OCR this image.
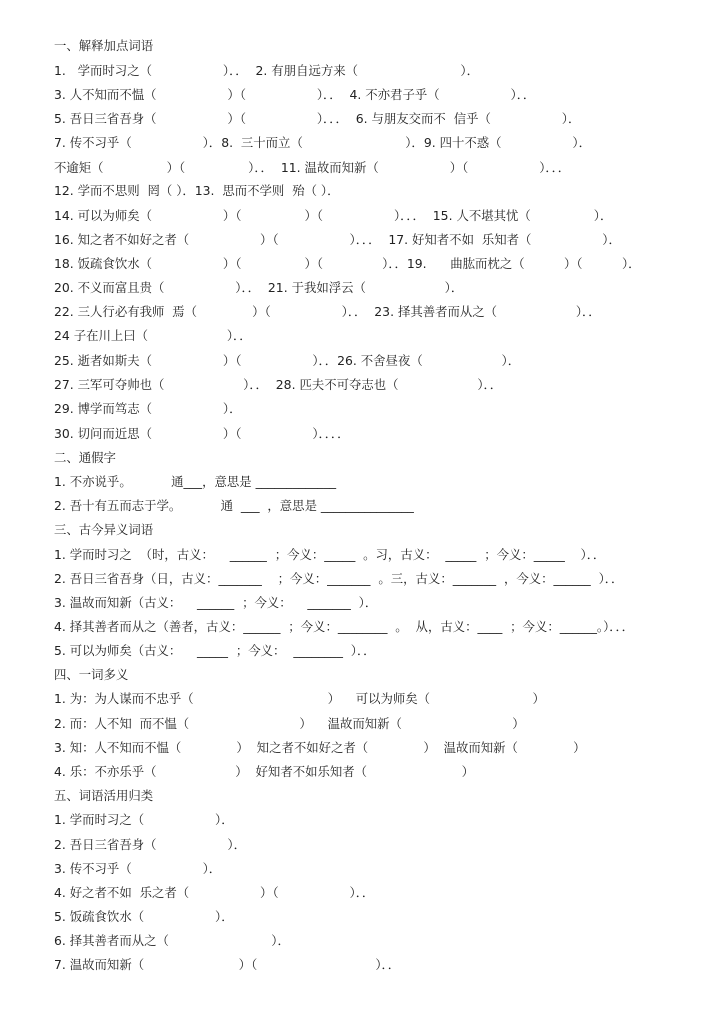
一、解释加点词语
1.   学而时习之（                  ）．．  2. 有朋自远方来（                          ）．
3. 人不知而不愠（                  ）（                  ）．．  4. 不亦君子乎（                  ）．．
5. 吾日三省吾身（                  ）（                  ）．．．  6. 与朋友交而不  信乎（                  ）．
7. 传不习乎（                  ）．8.  三十而立（                          ）．9. 四十不惑（                  ）．
不逾矩（                ）（                ）．．  11. 温故而知新（                  ）（                  ）．．．
12. 学而不思则  罔（ ）．13.  思而不学则  殆（ ）．
14. 可以为师矣（                  ）（                ）（                  ）．．．  15. 人不堪其忧（                ）．
16. 知之者不如好之者（                  ）（                  ）．．．  17. 好知者不如  乐知者（                  ）．
18. 饭疏食饮水（                  ）（                ）（               ）．．19.      曲肱而枕之（          ）（          ）．
20. 不义而富且贵（                  ）．．  21. 于我如浮云（                    ）．
22. 三人行必有我师  焉（              ）（                  ）．．  23. 择其善者而从之（                    ）．．
24 子在川上曰（                    ）．．
25. 逝者如斯夫（                  ）（                  ）．．26. 不舍昼夜（                    ）．
27. 三军可夺帅也（                    ）．．  28. 匹夫不可夺志也（                    ）．．
29. 博学而笃志（                  ）．
30. 切问而近思（                  ）（                  ）．．．．
二、通假字
1. 不亦说乎。          通___，意思是 _____________
2. 吾十有五而志于学。          通  ___  ，意思是 _______________
三、古今异义词语
1. 学而时习之  （时，古义：    ______  ；今义：_____  。习，古义：  _____  ；今义：_____    ）．．
2. 吾日三省吾身（日，古义：_______    ；今义：_______  。三，古义：_______  ，今义：______  ）．．
3. 温故而知新（古义：    ______  ；今义：    _______  ）．
4. 择其善者而从之（善者，古义：______  ；今义：________  。  从，古义：____  ；今义：______。）．．．
5. 可以为师矣（古义：    _____  ；今义：  ________  ）．．
四、一词多义
1. 为：为人谋而不忠乎（                                  ）    可以为师矣（                          ）
2. 而：人不知  而不愠（                            ）    温故而知新（                            ）
3. 知：人不知而不愠（              ）  知之者不如好之者（              ）  温故而知新（              ）
4. 乐：不亦乐乎（                    ）  好知者不如乐知者（                        ）
五、词语活用归类
1. 学而时习之（                  ）．
2. 吾日三省吾身（                  ）．
3. 传不习乎（                  ）．
4. 好之者不如  乐之者（                  ）（                  ）．．
5. 饭疏食饮水（                  ）．
6. 择其善者而从之（                          ）．
7. 温故而知新（                        ）（                              ）．．
